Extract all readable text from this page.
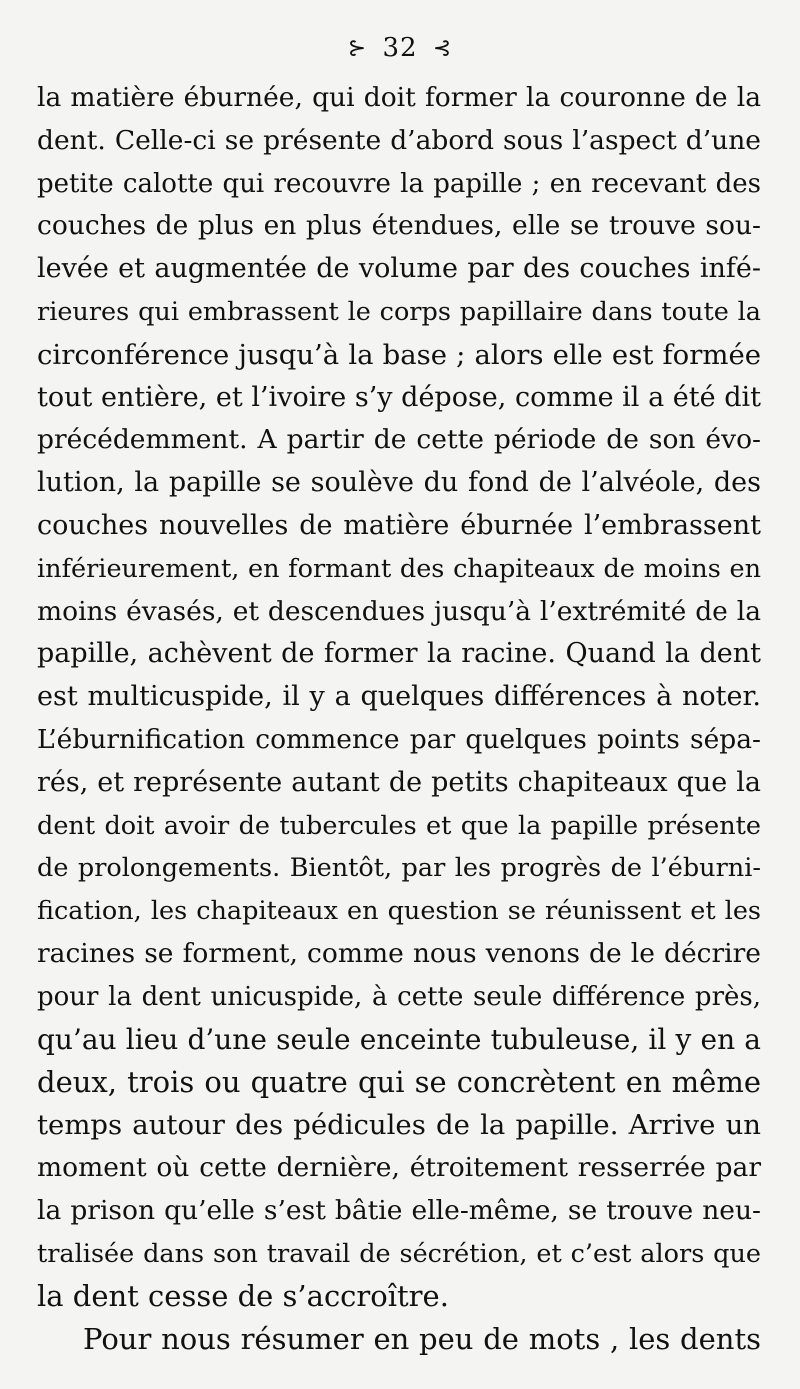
⊱ 32 ⊰
la matière éburnée, qui doit former la couronne de la
dent. Celle-ci se présente d’abord sous l’aspect d’une
petite calotte qui recouvre la papille ; en recevant des
couches de plus en plus étendues, elle se trouve sou-
levée et augmentée de volume par des couches infé-
rieures qui embrassent le corps papillaire dans toute la
circonférence jusqu’à la base ; alors elle est formée
tout entière, et l’ivoire s’y dépose, comme il a été dit
précédemment. A partir de cette période de son évo-
lution, la papille se soulève du fond de l’alvéole, des
couches nouvelles de matière éburnée l’embrassent
inférieurement, en formant des chapiteaux de moins en
moins évasés, et descendues jusqu’à l’extrémité de la
papille, achèvent de former la racine. Quand la dent
est multicuspide, il y a quelques différences à noter.
L’éburnification commence par quelques points sépa-
rés, et représente autant de petits chapiteaux que la
dent doit avoir de tubercules et que la papille présente
de prolongements. Bientôt, par les progrès de l’éburni-
fication, les chapiteaux en question se réunissent et les
racines se forment, comme nous venons de le décrire
pour la dent unicuspide, à cette seule différence près,
qu’au lieu d’une seule enceinte tubuleuse, il y en a
deux, trois ou quatre qui se concrètent en même
temps autour des pédicules de la papille. Arrive un
moment où cette dernière, étroitement resserrée par
la prison qu’elle s’est bâtie elle-même, se trouve neu-
tralisée dans son travail de sécrétion, et c’est alors que
la dent cesse de s’accroître.
Pour nous résumer en peu de mots , les dents
